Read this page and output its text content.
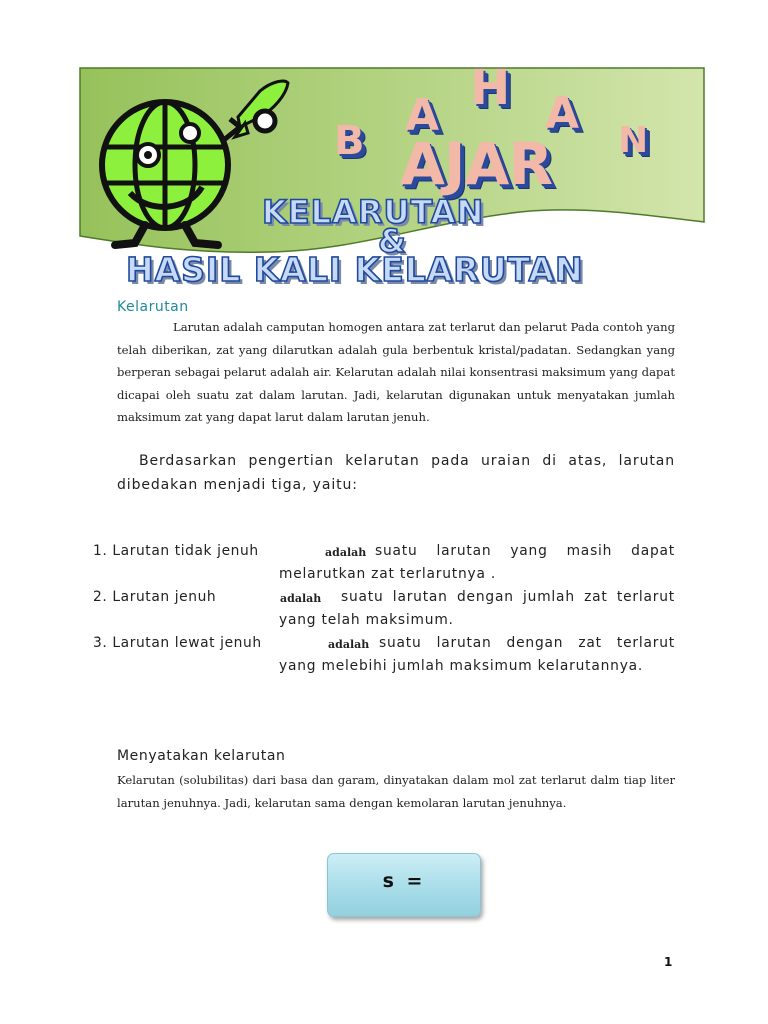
B A H A
N
AJAR
KELARUTAN
&
HASIL KALI KELARUTAN
Kelarutan
Larutan adalah camputan homogen antara zat terlarut dan pelarut Pada contoh yang telah diberikan, zat yang dilarutkan adalah gula berbentuk kristal/padatan. Sedangkan yang berperan sebagai pelarut adalah air. Kelarutan adalah nilai konsentrasi maksimum yang dapat dicapai oleh suatu zat dalam larutan. Jadi, kelarutan digunakan untuk menyatakan jumlah maksimum zat yang dapat larut dalam larutan jenuh.
Berdasarkan pengertian kelarutan pada uraian di atas, larutan dibedakan menjadi tiga, yaitu:
1. Larutan tidak jenuh	adalah suatu larutan yang masih dapat melarutkan zat terlarutnya .
2. Larutan jenuh	adalah	suatu larutan dengan jumlah zat terlarut yang telah maksimum.
3. Larutan lewat jenuh	adalah suatu larutan dengan zat terlarut yang melebihi jumlah maksimum kelarutannya.
Menyatakan kelarutan
Kelarutan (solubilitas) dari basa dan garam, dinyatakan dalam mol zat terlarut dalm tiap liter larutan jenuhnya. Jadi, kelarutan sama dengan kemolaran larutan jenuhnya.
s =
1
